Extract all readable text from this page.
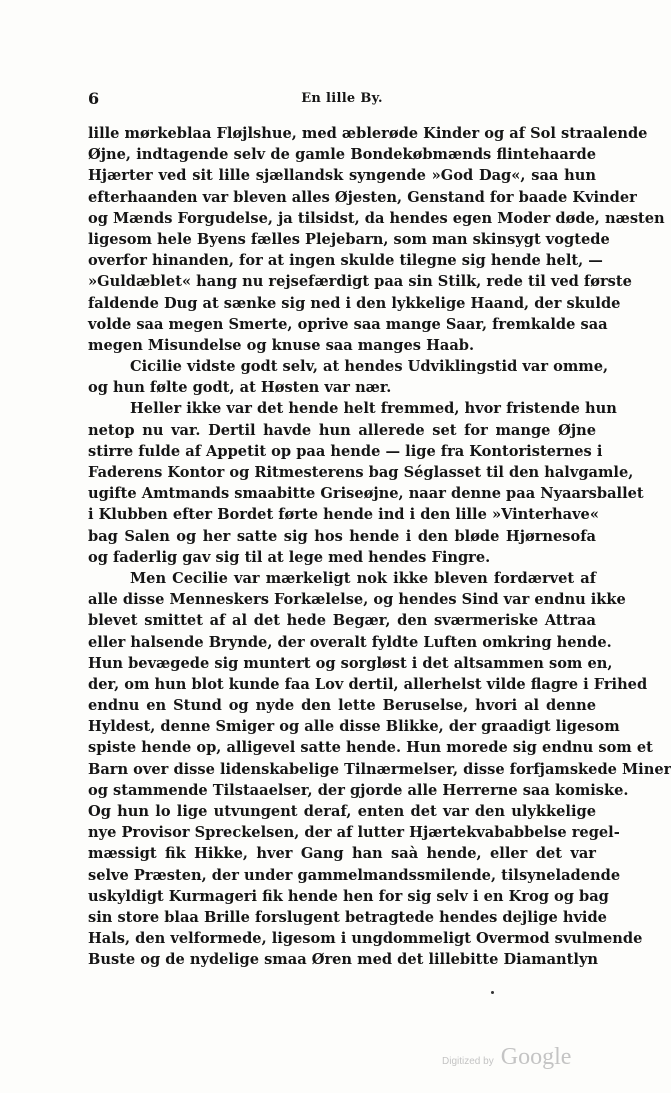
6	En lille By.
lille mørkeblaa Fløjlshue, med æblerøde Kinder og af Sol straalende
Øjne, indtagende selv de gamle Bondekøbmænds flintehaarde
Hjærter ved sit lille sjællandsk syngende »God Dag«, saa hun
efterhaanden var bleven alles Øjesten, Genstand for baade Kvinder
og Mænds Forgudelse, ja tilsidst, da hendes egen Moder døde, næsten
ligesom hele Byens fælles Plejebarn, som man skinsygt vogtede
overfor hinanden, for at ingen skulde tilegne sig hende helt, —
»Guldæblet« hang nu rejsefærdigt paa sin Stilk, rede til ved første
faldende Dug at sænke sig ned i den lykkelige Haand, der skulde
volde saa megen Smerte, oprive saa mange Saar, fremkalde saa
megen Misundelse og knuse saa manges Haab.
Cicilie vidste godt selv, at hendes Udviklingstid var omme,
og hun følte godt, at Høsten var nær.
Heller ikke var det hende helt fremmed, hvor fristende hun
netop nu var. Dertil havde hun allerede set for mange Øjne
stirre fulde af Appetit op paa hende — lige fra Kontoristernes i
Faderens Kontor og Ritmesterens bag Séglasset til den halvgamle,
ugifte Amtmands smaabitte Griseøjne, naar denne paa Nyaarsballet
i Klubben efter Bordet førte hende ind i den lille »Vinterhave«
bag Salen og her satte sig hos hende i den bløde Hjørnesofa
og faderlig gav sig til at lege med hendes Fingre.
Men Cecilie var mærkeligt nok ikke bleven fordærvet af
alle disse Menneskers Forkælelse, og hendes Sind var endnu ikke
blevet smittet af al det hede Begær, den sværmeriske Attraa
eller halsende Brynde, der overalt fyldte Luften omkring hende.
Hun bevægede sig muntert og sorgløst i det altsammen som en,
der, om hun blot kunde faa Lov dertil, allerhelst vilde flagre i Frihed
endnu en Stund og nyde den lette Beruselse, hvori al denne
Hyldest, denne Smiger og alle disse Blikke, der graadigt ligesom
spiste hende op, alligevel satte hende. Hun morede sig endnu som et
Barn over disse lidenskabelige Tilnærmelser, disse forfjamskede Miner
og stammende Tilstaaelser, der gjorde alle Herrerne saa komiske.
Og hun lo lige utvungent deraf, enten det var den ulykkelige
nye Provisor Spreckelsen, der af lutter Hjærtekvababbelse regel-
mæssigt fik Hikke, hver Gang han saà hende, eller det var
selve Præsten, der under gammelmandssmilende, tilsyneladende
uskyldigt Kurmageri fik hende hen for sig selv i en Krog og bag
sin store blaa Brille forslugent betragtede hendes dejlige hvide
Hals, den velformede, ligesom i ungdommeligt Overmod svulmende
Buste og de nydelige smaa Øren med det lillebitte Diamantlyn
Digitized by Google
